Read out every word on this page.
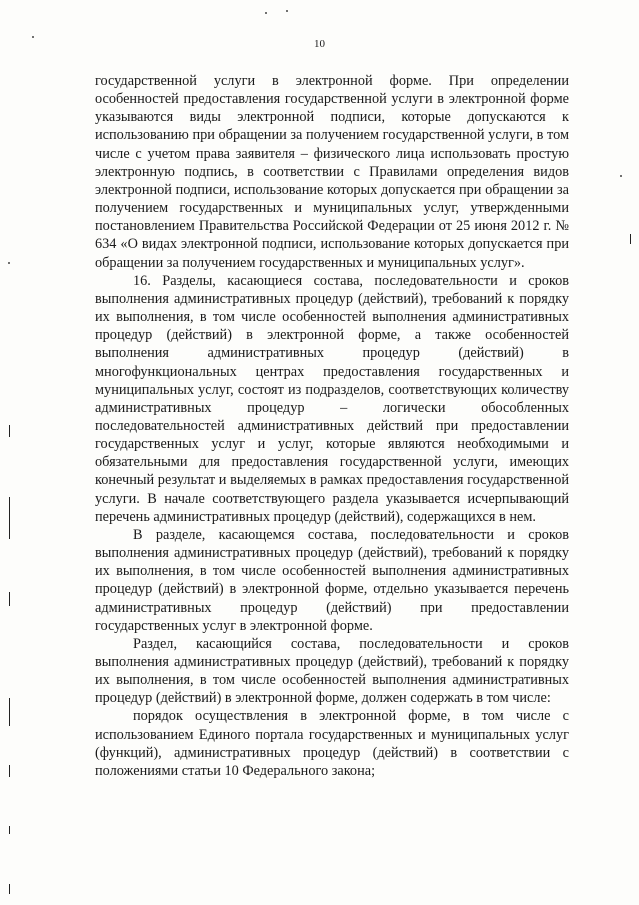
10

государственной услуги в электронной форме. При определении особенностей предоставления государственной услуги в электронной форме указываются виды электронной подписи, которые допускаются к использованию при обращении за получением государственной услуги, в том числе с учетом права заявителя – физического лица использовать простую электронную подпись, в соответствии с Правилами определения видов электронной подписи, использование которых допускается при обращении за получением государственных и муниципальных услуг, утвержденными постановлением Правительства Российской Федерации от 25 июня 2012 г. № 634 «О видах электронной подписи, использование которых допускается при обращении за получением государственных и муниципальных услуг».

16. Разделы, касающиеся состава, последовательности и сроков выполнения административных процедур (действий), требований к порядку их выполнения, в том числе особенностей выполнения административных процедур (действий) в электронной форме, а также особенностей выполнения административных процедур (действий) в многофункциональных центрах предоставления государственных и муниципальных услуг, состоят из подразделов, соответствующих количеству административных процедур – логически обособленных последовательностей административных действий при предоставлении государственных услуг и услуг, которые являются необходимыми и обязательными для предоставления государственной услуги, имеющих конечный результат и выделяемых в рамках предоставления государственной услуги. В начале соответствующего раздела указывается исчерпывающий перечень административных процедур (действий), содержащихся в нем.

В разделе, касающемся состава, последовательности и сроков выполнения административных процедур (действий), требований к порядку их выполнения, в том числе особенностей выполнения административных процедур (действий) в электронной форме, отдельно указывается перечень административных процедур (действий) при предоставлении государственных услуг в электронной форме.

Раздел, касающийся состава, последовательности и сроков выполнения административных процедур (действий), требований к порядку их выполнения, в том числе особенностей выполнения административных процедур (действий) в электронной форме, должен содержать в том числе:

порядок осуществления в электронной форме, в том числе с использованием Единого портала государственных и муниципальных услуг (функций), административных процедур (действий) в соответствии с положениями статьи 10 Федерального закона;
